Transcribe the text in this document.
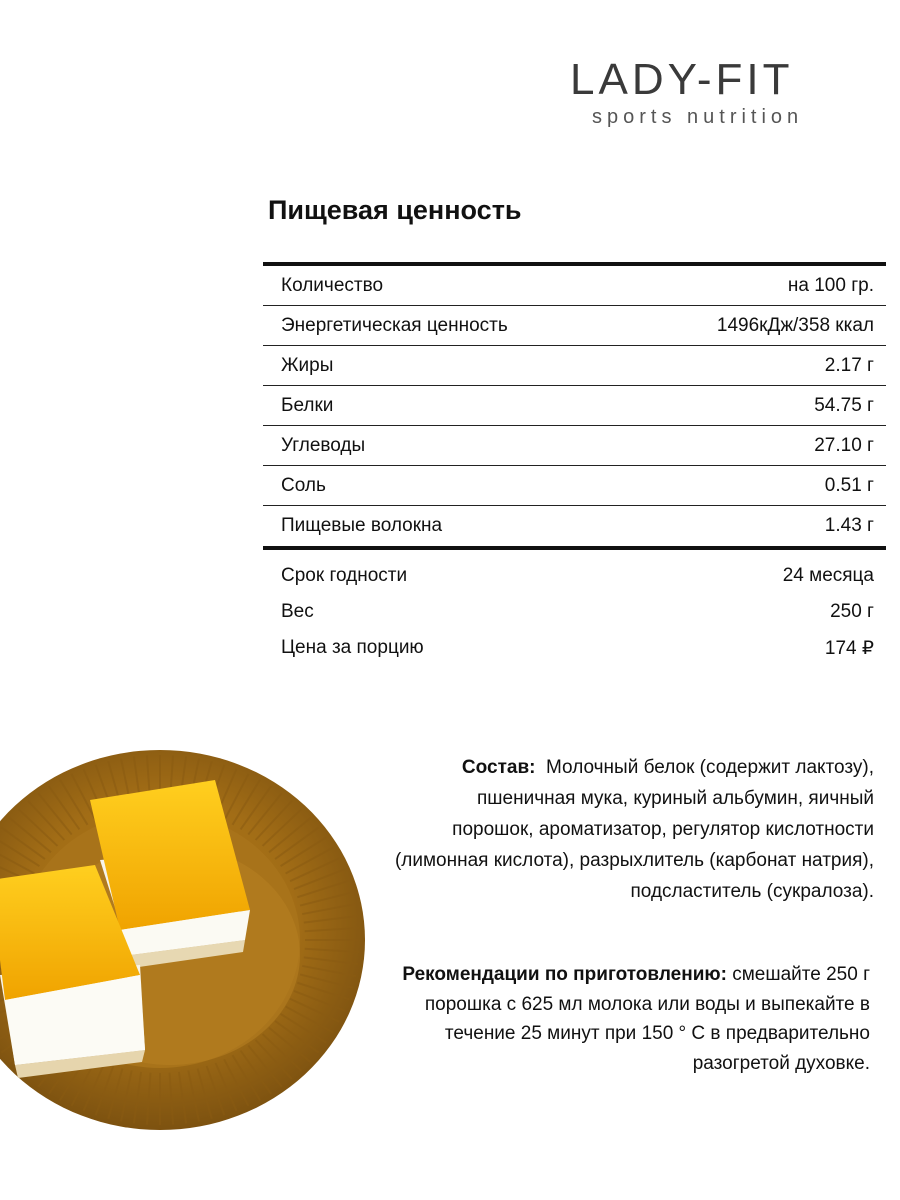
LADY-FIT
sports nutrition
Пищевая ценность
Количество	на 100 гр.
Энергетическая ценность	1496кДж/358 ккал
Жиры	2.17 г
Белки	54.75 г
Углеводы	27.10 г
Соль	0.51 г
Пищевые волокна	1.43 г
Срок годности	24 месяца
Вес	250 г
Цена за порцию	174 ₽
Состав: Молочный белок (содержит лактозу), пшеничная мука, куриный альбумин, яичный порошок, ароматизатор, регулятор кислотности (лимонная кислота), разрыхлитель (карбонат натрия), подсластитель (сукралоза).
Рекомендации по приготовлению: смешайте 250 г порошка с 625 мл молока или воды и выпекайте в течение 25 минут при 150 ° С в предварительно разогретой духовке.
